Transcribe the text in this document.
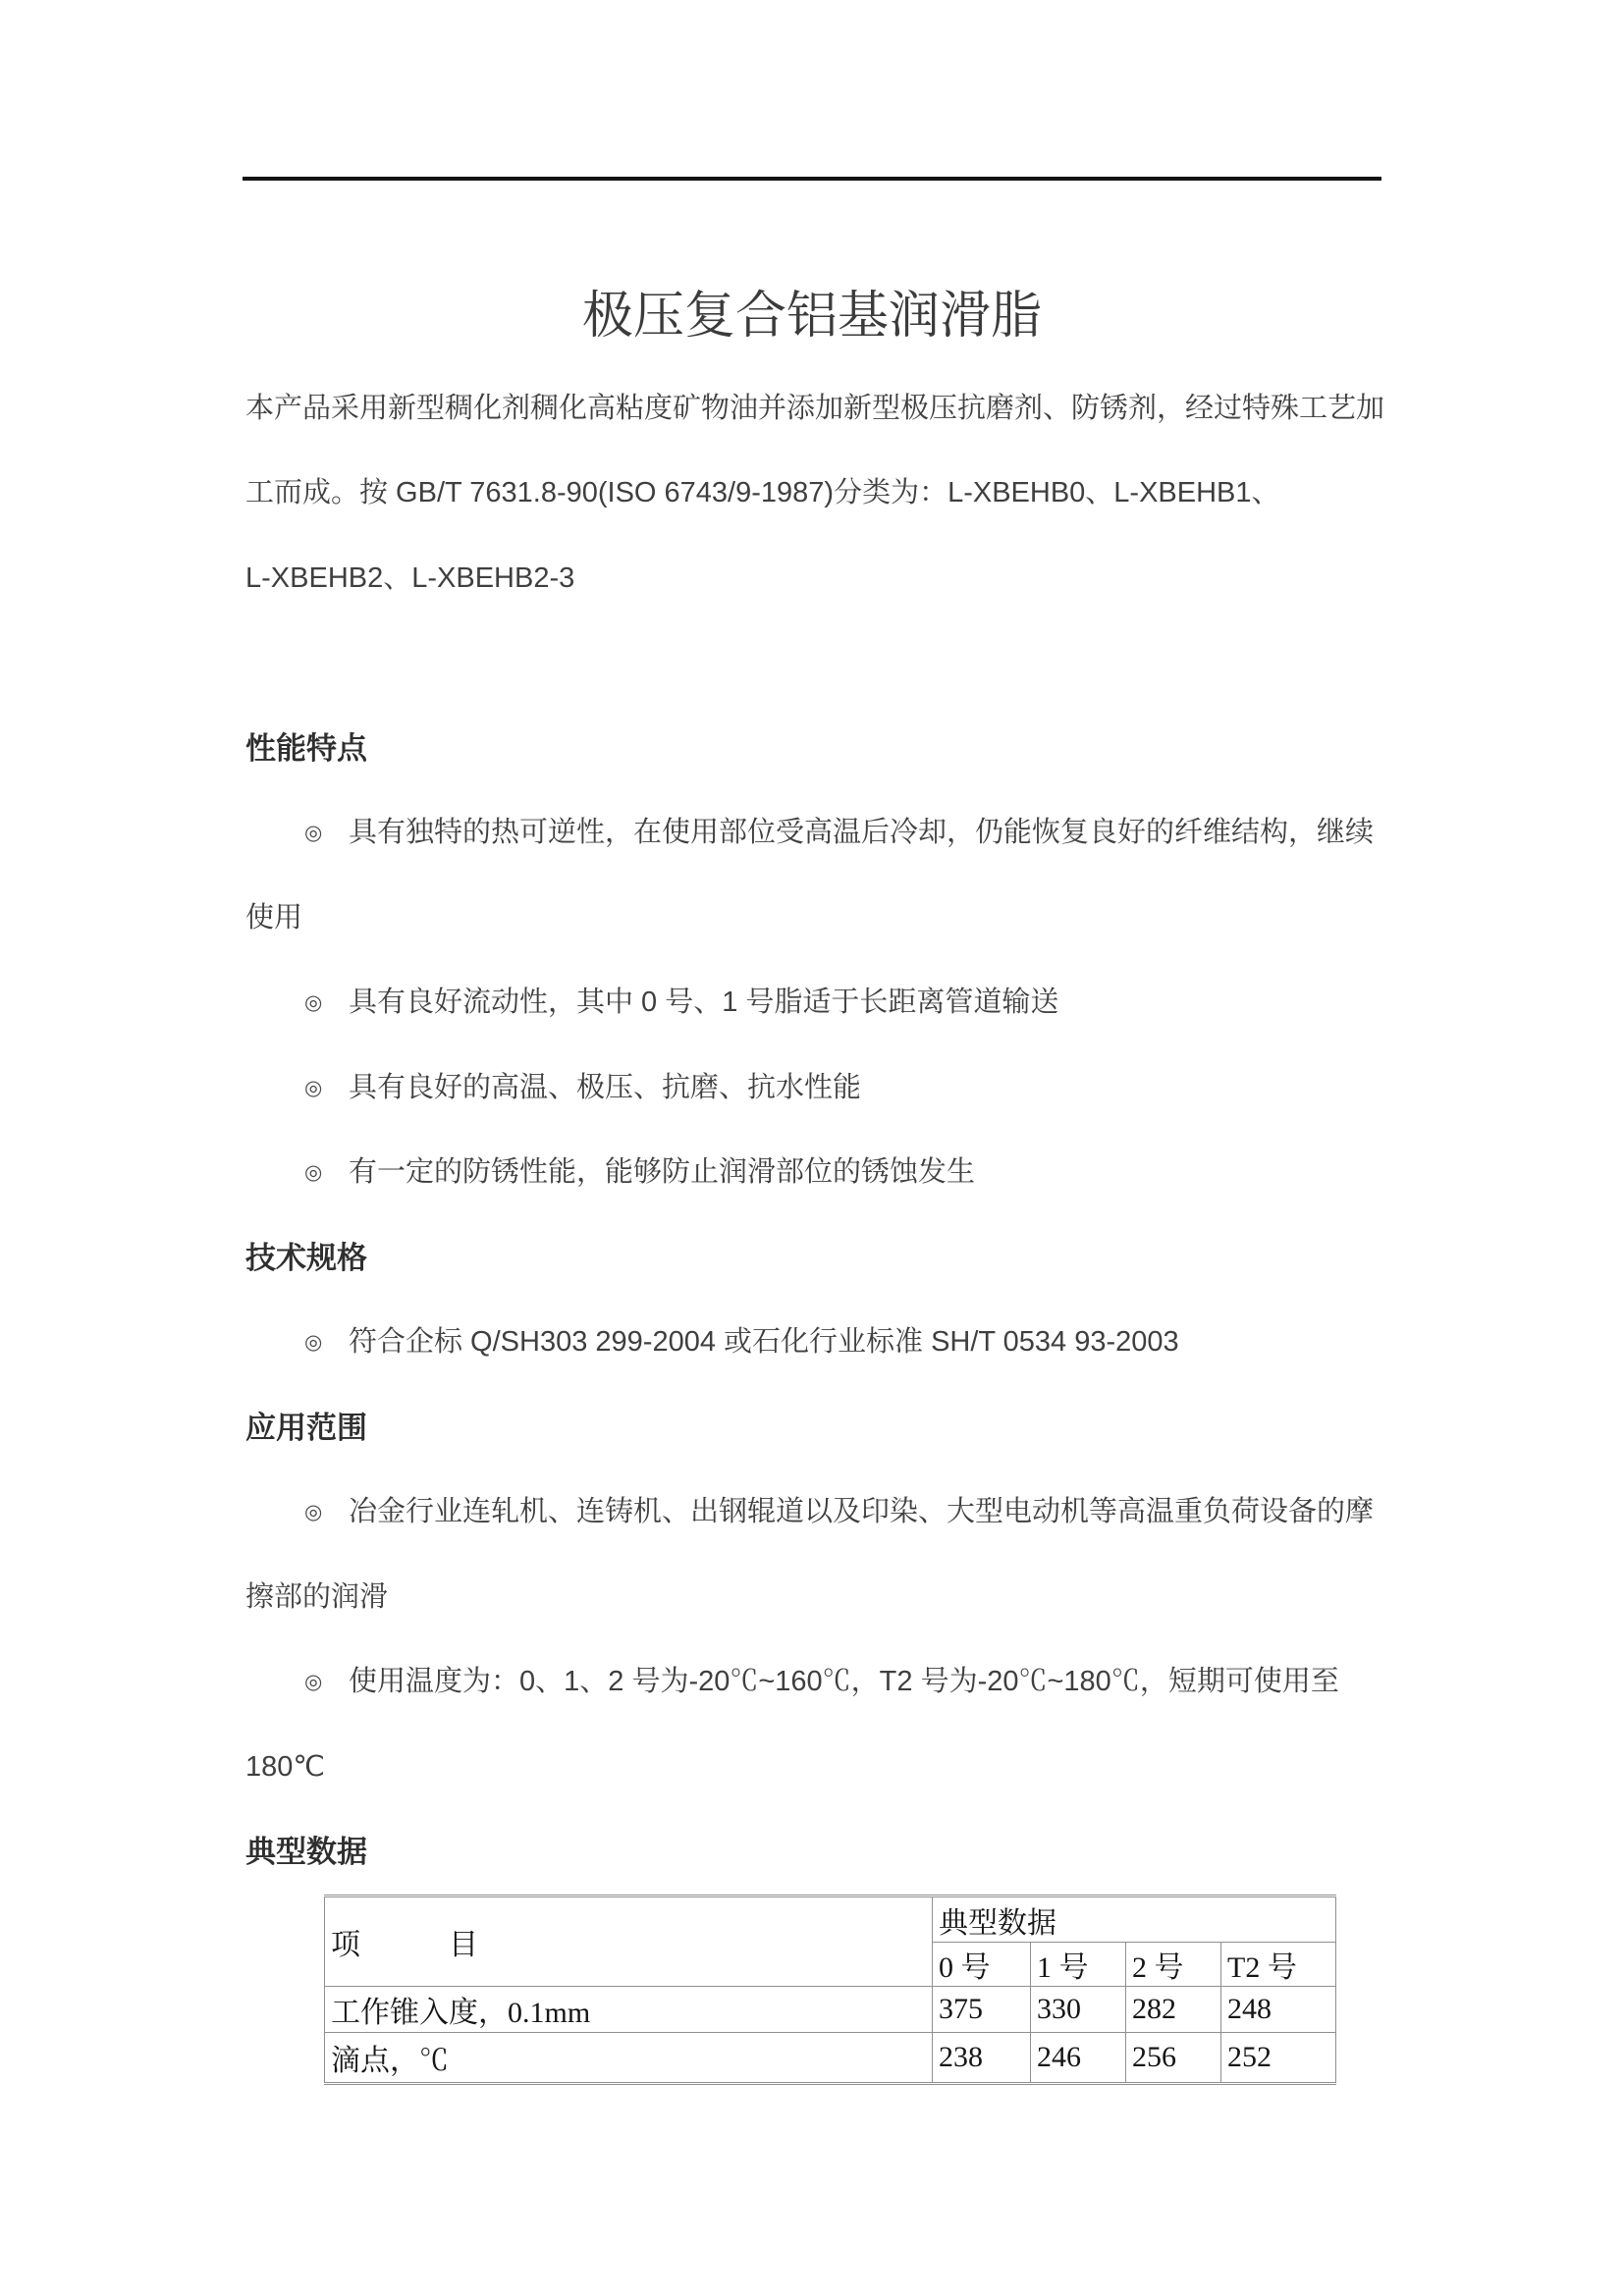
极压复合铝基润滑脂
本产品采用新型稠化剂稠化高粘度矿物油并添加新型极压抗磨剂、防锈剂，经过特殊工艺加
工而成。按 GB/T 7631.8-90(ISO 6743/9-1987)分类为：L-XBEHB0、L-XBEHB1、
L-XBEHB2、L-XBEHB2-3
性能特点
◎ 具有独特的热可逆性，在使用部位受高温后冷却，仍能恢复良好的纤维结构，继续
使用
◎ 具有良好流动性，其中 0 号、1 号脂适于长距离管道输送
◎ 具有良好的高温、极压、抗磨、抗水性能
◎ 有一定的防锈性能，能够防止润滑部位的锈蚀发生
技术规格
◎ 符合企标 Q/SH303 299-2004 或石化行业标准 SH/T 0534 93-2003
应用范围
◎ 冶金行业连轧机、连铸机、出钢辊道以及印染、大型电动机等高温重负荷设备的摩
擦部的润滑
◎ 使用温度为：0、1、2 号为-20℃~160℃，T2 号为-20℃~180℃，短期可使用至
180℃
典型数据
项　　　目	典型数据			
	0 号	1 号	2 号	T2 号
工作锥入度，0.1mm	375	330	282	248
滴点，℃	238	246	256	252
